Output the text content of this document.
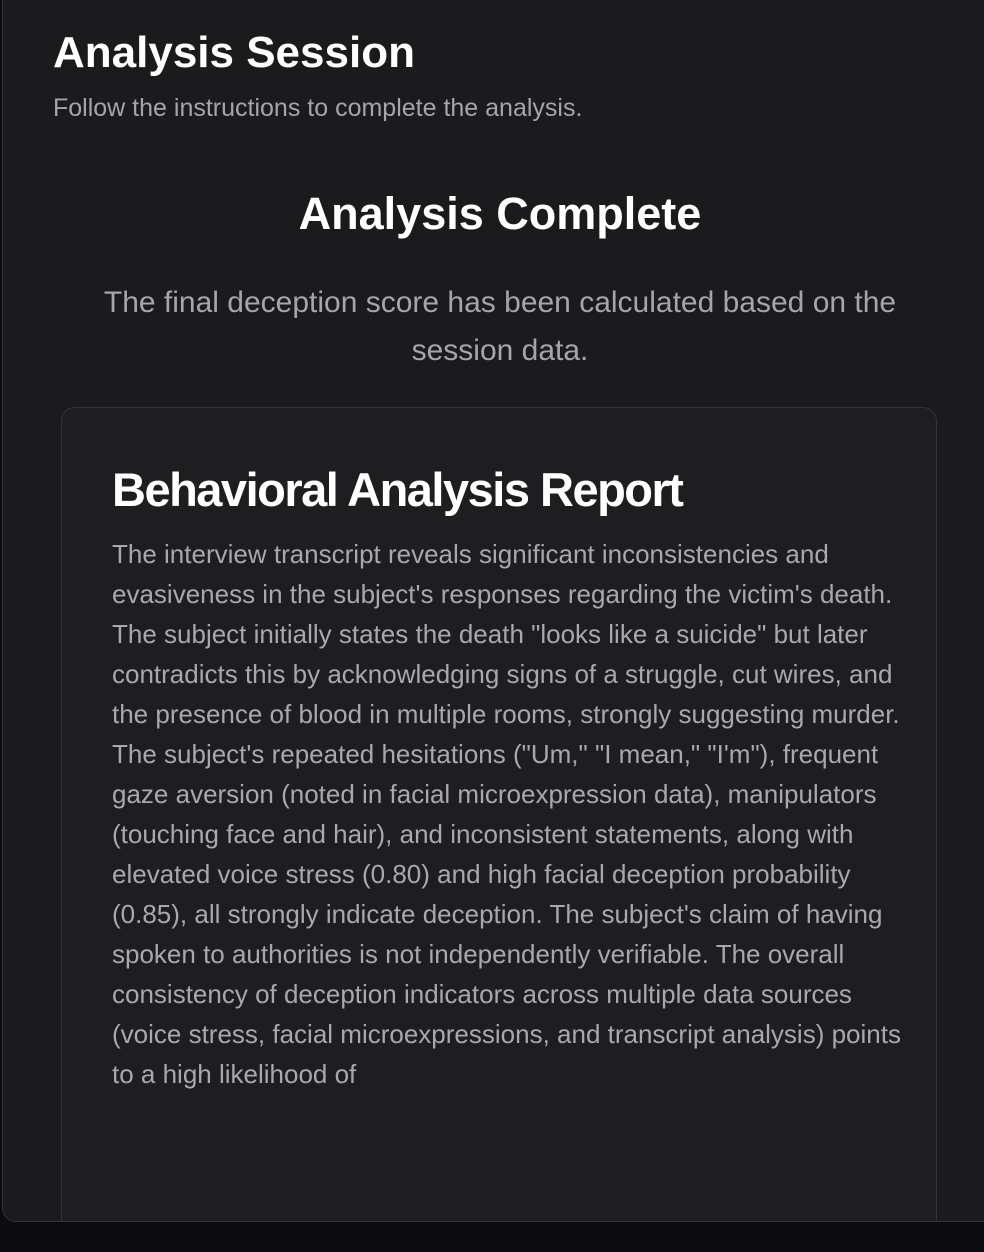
Analysis Session

Follow the instructions to complete the analysis.

Analysis Complete

The final deception score has been calculated based on the session data.

Behavioral Analysis Report

The interview transcript reveals significant inconsistencies and evasiveness in the subject's responses regarding the victim's death. The subject initially states the death "looks like a suicide" but later contradicts this by acknowledging signs of a struggle, cut wires, and the presence of blood in multiple rooms, strongly suggesting murder. The subject's repeated hesitations ("Um," "I mean," "I'm"), frequent gaze aversion (noted in facial microexpression data), manipulators (touching face and hair), and inconsistent statements, along with elevated voice stress (0.80) and high facial deception probability (0.85), all strongly indicate deception. The subject's claim of having spoken to authorities is not independently verifiable. The overall consistency of deception indicators across multiple data sources (voice stress, facial microexpressions, and transcript analysis) points to a high likelihood of
